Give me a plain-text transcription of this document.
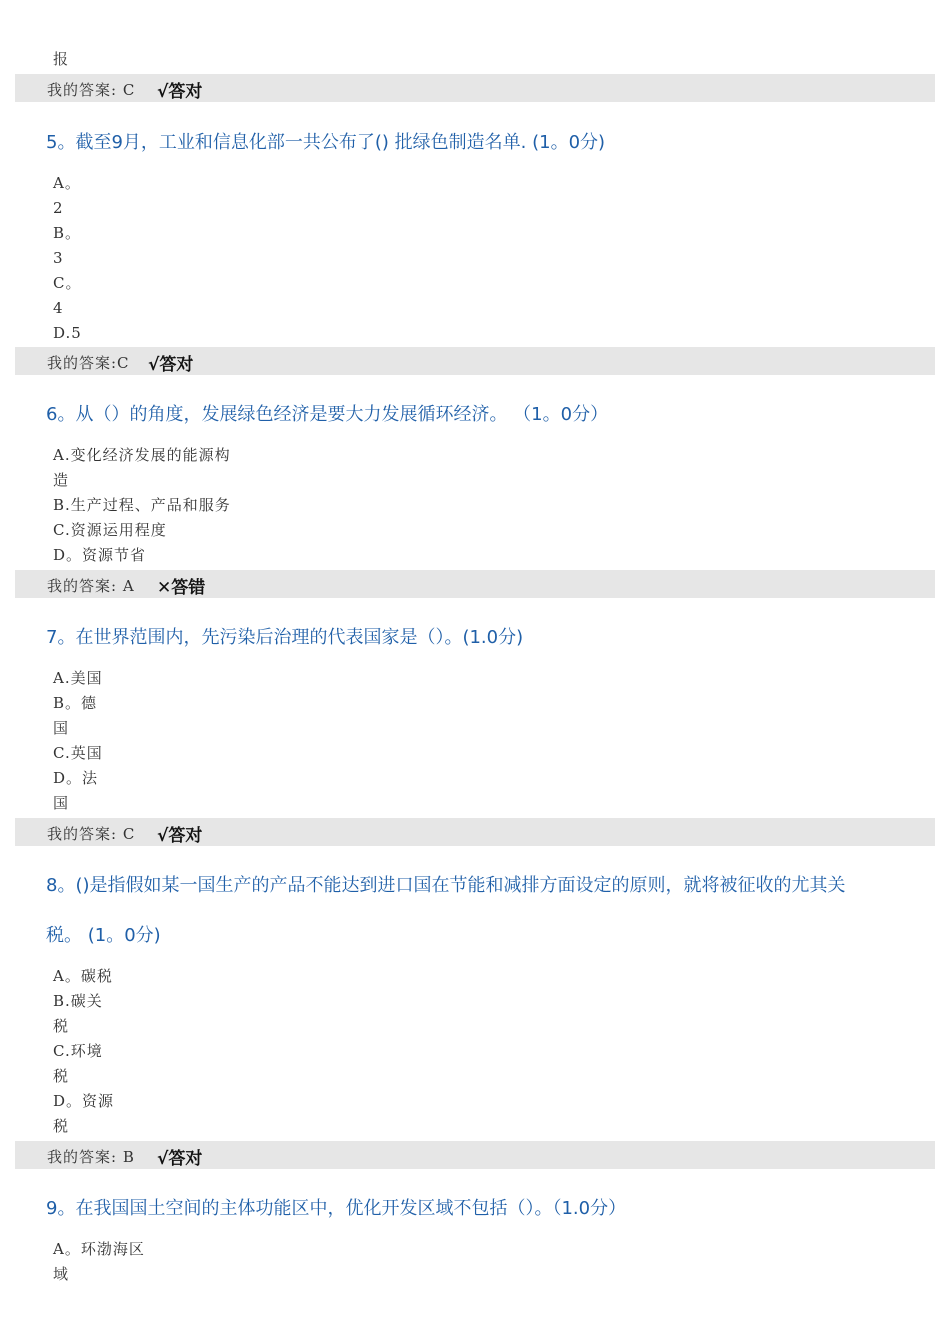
报
我的答案: C √答对
5。截至9月，工业和信息化部一共公布了() 批绿色制造名单. (1。0分)
A。
2
B。
3
C。
4
D.5
我的答案:C √答对
6。从（）的角度，发展绿色经济是要大力发展循环经济。 （1。0分）
A.变化经济发展的能源构
造
B.生产过程、产品和服务
C.资源运用程度
D。资源节省
我的答案: A ✕答错
7。在世界范围内，先污染后治理的代表国家是（）。(1.0分)
A.美国
B。德
国
C.英国
D。法
国
我的答案: C √答对
8。()是指假如某一国生产的产品不能达到进口国在节能和减排方面设定的原则，就将被征收的尤其关
税。 (1。0分)
A。碳税
B.碳关
税
C.环境
税
D。资源
税
我的答案: B √答对
9。在我国国土空间的主体功能区中，优化开发区域不包括（）。（1.0分）
A。环渤海区
域
